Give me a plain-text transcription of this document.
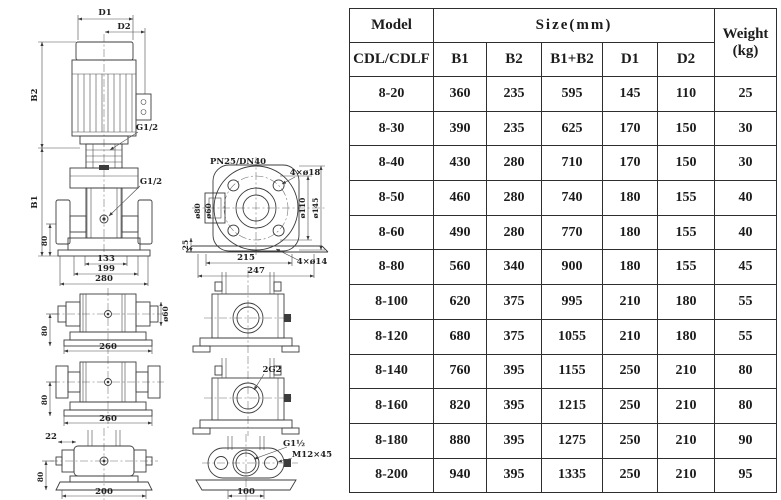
D1
D2
B2
B1
G1/2
G1/2
80
133
199
280
PN25/DN40
ø80 ø60
4×ø18
ø110 ø145
25
215
247
4×ø14
80
ø60
260
80
260
22
80
200
2G2
G1½
M12×45
100
Model	Size(mm)					Weight
(kg)
CDL/CDLF	B1	B2	B1+B2	D1	D2	
8-20	360	235	595	145	110	25
8-30	390	235	625	170	150	30
8-40	430	280	710	170	150	30
8-50	460	280	740	180	155	40
8-60	490	280	770	180	155	40
8-80	560	340	900	180	155	45
8-100	620	375	995	210	180	55
8-120	680	375	1055	210	180	55
8-140	760	395	1155	250	210	80
8-160	820	395	1215	250	210	80
8-180	880	395	1275	250	210	90
8-200	940	395	1335	250	210	95
